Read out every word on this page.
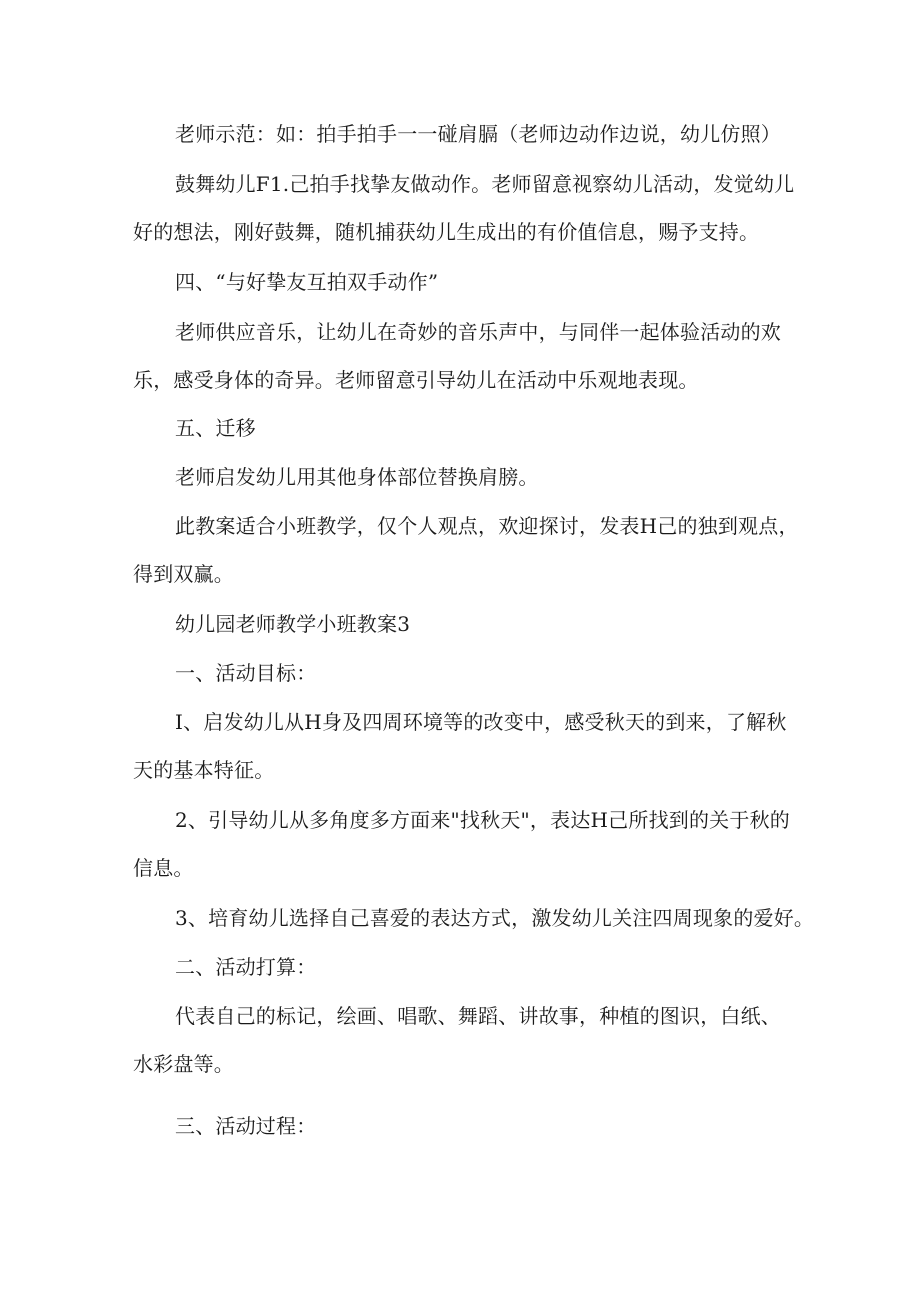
老师示范：如：拍手拍手一一碰肩膈（老师边动作边说，幼儿仿照）
鼓舞幼儿F1.己拍手找挚友做动作。老师留意视察幼儿活动，发觉幼儿
好的想法，刚好鼓舞，随机捕获幼儿生成出的有价值信息，赐予支持。
四、“与好挚友互拍双手动作”
老师供应音乐，让幼儿在奇妙的音乐声中，与同伴一起体验活动的欢
乐，感受身体的奇异。老师留意引导幼儿在活动中乐观地表现。
五、迁移
老师启发幼儿用其他身体部位替换肩膀。
此教案适合小班教学，仅个人观点，欢迎探讨，发表H己的独到观点，
得到双赢。
幼儿园老师教学小班教案3
一、活动目标：
I、启发幼儿从H身及四周环境等的改变中，感受秋天的到来，了解秋
天的基本特征。
2、引导幼儿从多角度多方面来"找秋天"，表达H己所找到的关于秋的
信息。
3、培育幼儿选择自己喜爱的表达方式，激发幼儿关注四周现象的爱好。
二、活动打算：
代表自己的标记，绘画、唱歌、舞蹈、讲故事，种植的图识，白纸、
水彩盘等。
三、活动过程：
